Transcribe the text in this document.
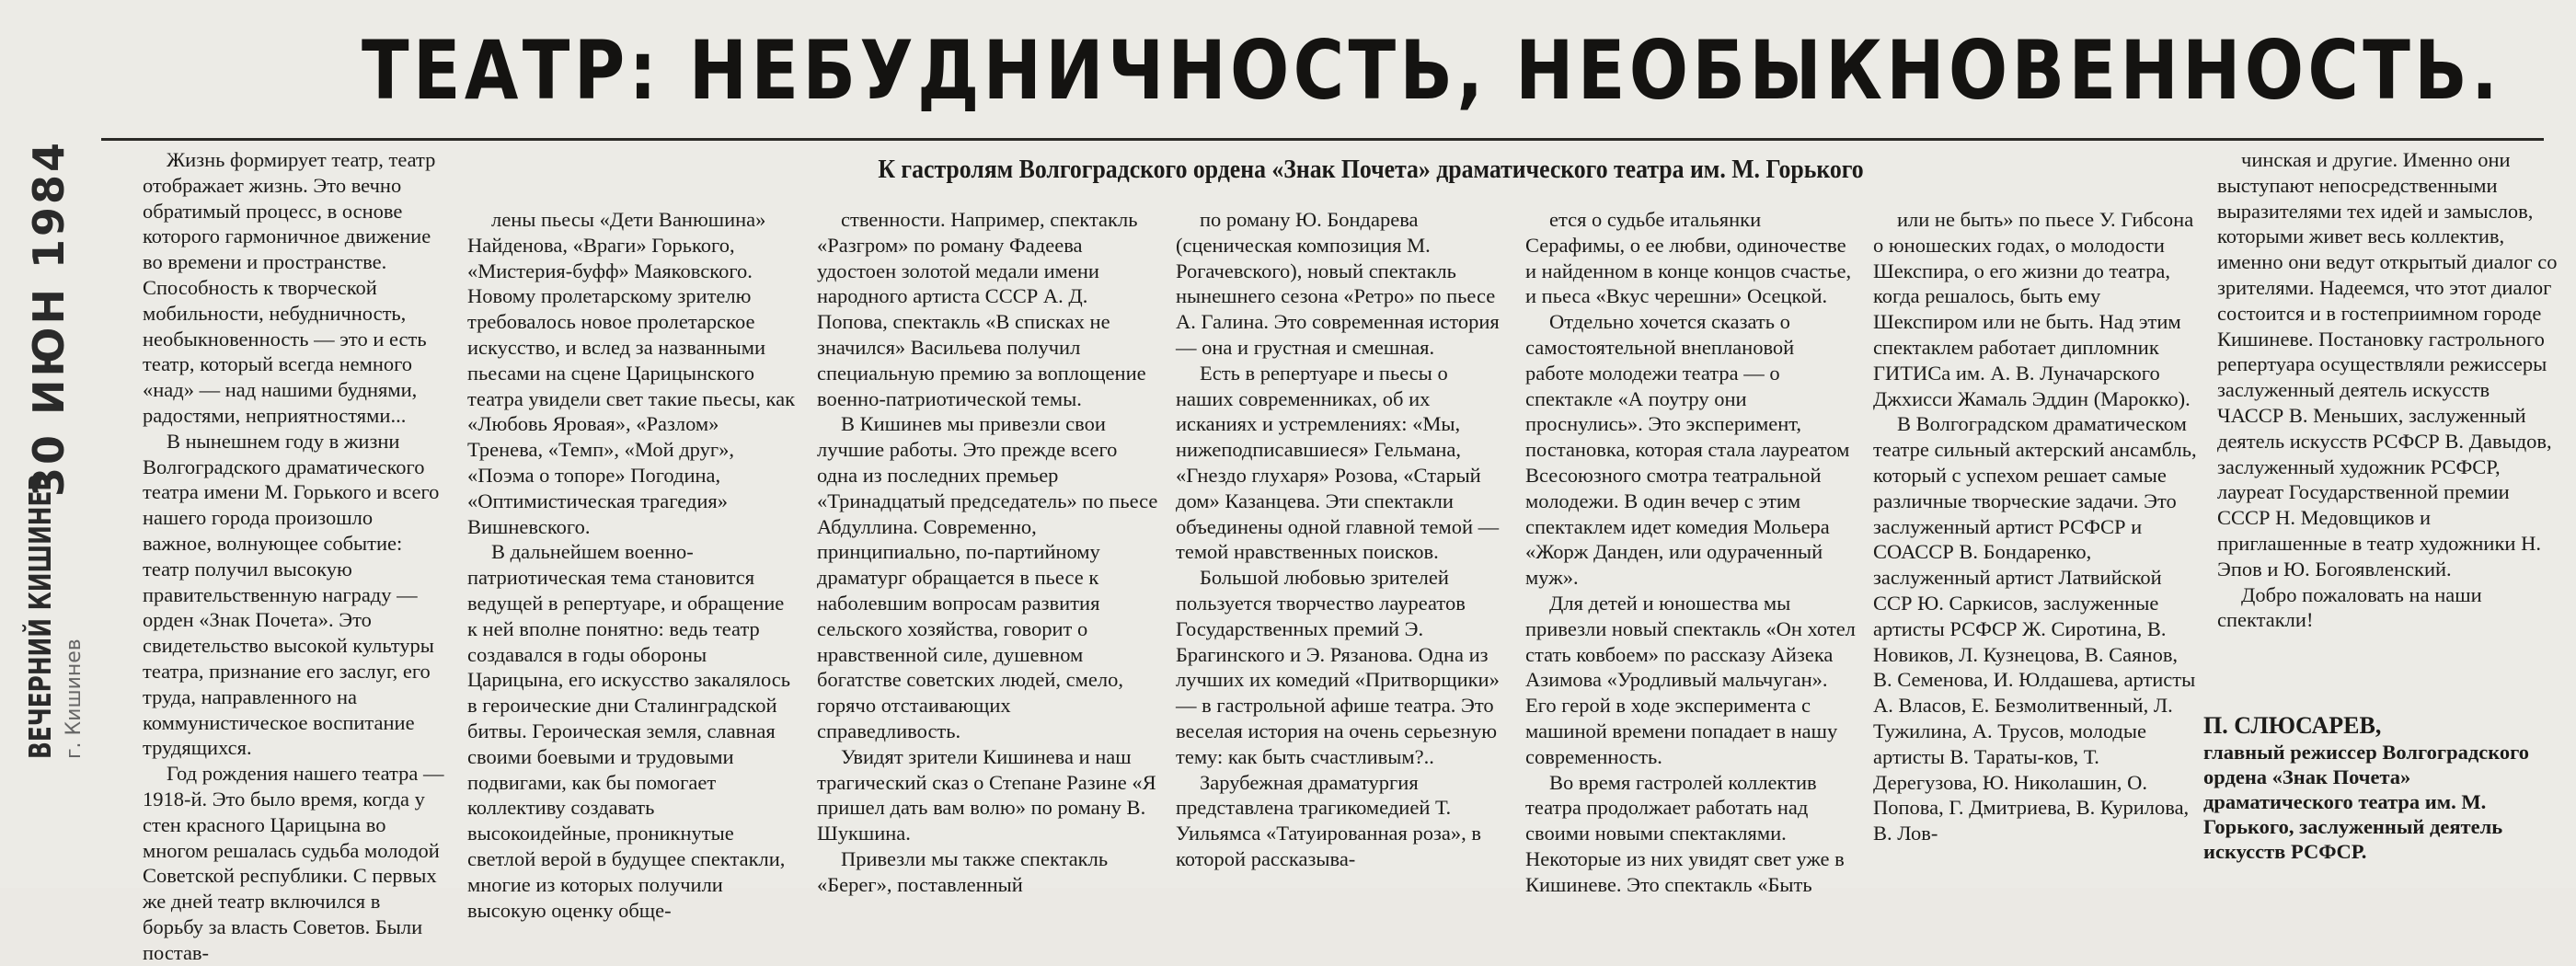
ТЕАТР: НЕБУДНИЧНОСТЬ, НЕОБЫКНОВЕННОСТЬ.
30 ИЮН 1984
ВЕЧЕРНИЙ КИШИНЕВ г. Кишинев
К гастролям Волгоградского ордена «Знак Почета» драматического театра им. М. Горького

Жизнь формирует театр, театр отображает жизнь. Это вечно обратимый процесс, в основе которого гармоничное движение во времени и пространстве. Способность к творческой мобильности, небудничность, необыкновенность — это и есть театр, который всегда немного «над» — над нашими буднями, радостями, неприятностями...

В нынешнем году в жизни Волгоградского драматического театра имени М. Горького и всего нашего города произошло важное, волнующее событие: театр получил высокую правительственную награду — орден «Знак Почета». Это свидетельство высокой культуры театра, признание его заслуг, его труда, направленного на коммунистическое воспитание трудящихся.

Год рождения нашего театра — 1918-й. Это было время, когда у стен красного Царицына во многом решалась судьба молодой Советской республики. С первых же дней театр включился в борьбу за власть Советов. Были постав-

лены пьесы «Дети Ванюшина» Найденова, «Враги» Горького, «Мистерия-буфф» Маяковского. Новому пролетарскому зрителю требовалось новое пролетарское искусство, и вслед за названными пьесами на сцене Царицынского театра увидели свет такие пьесы, как «Любовь Яровая», «Разлом» Тренева, «Темп», «Мой друг», «Поэма о топоре» Погодина, «Оптимистическая трагедия» Вишневского.

В дальнейшем военно-патриотическая тема становится ведущей в репертуаре, и обращение к ней вполне понятно: ведь театр создавался в годы обороны Царицына, его искусство закалялось в героические дни Сталинградской битвы. Героическая земля, славная своими боевыми и трудовыми подвигами, как бы помогает коллективу создавать высокоидейные, проникнутые светлой верой в будущее спектакли, многие из которых получили высокую оценку обще-

ственности. Например, спектакль «Разгром» по роману Фадеева удостоен золотой медали имени народного артиста СССР А. Д. Попова, спектакль «В списках не значился» Васильева получил специальную премию за воплощение военно-патриотической темы.

В Кишинев мы привезли свои лучшие работы. Это прежде всего одна из последних премьер «Тринадцатый председатель» по пьесе Абдуллина. Современно, принципиально, по-партийному драматург обращается в пьесе к наболевшим вопросам развития сельского хозяйства, говорит о нравственной силе, душевном богатстве советских людей, смело, горячо отстаивающих справедливость.

Увидят зрители Кишинева и наш трагический сказ о Степане Разине «Я пришел дать вам волю» по роману В. Шукшина.

Привезли мы также спектакль «Берег», поставленный

по роману Ю. Бондарева (сценическая композиция М. Рогачевского), новый спектакль нынешнего сезона «Ретро» по пьесе А. Галина. Это современная история — она и грустная и смешная.

Есть в репертуаре и пьесы о наших современниках, об их исканиях и устремлениях: «Мы, нижеподписавшиеся» Гельмана, «Гнездо глухаря» Розова, «Старый дом» Казанцева. Эти спектакли объединены одной главной темой — темой нравственных поисков.

Большой любовью зрителей пользуется творчество лауреатов Государственных премий Э. Брагинского и Э. Рязанова. Одна из лучших их комедий «Притворщики» — в гастрольной афише театра. Это веселая история на очень серьезную тему: как быть счастливым?..

Зарубежная драматургия представлена трагикомедией Т. Уильямса «Татуированная роза», в которой рассказыва-

ется о судьбе итальянки Серафимы, о ее любви, одиночестве и найденном в конце концов счастье, и пьеса «Вкус черешни» Осецкой.

Отдельно хочется сказать о самостоятельной внеплановой работе молодежи театра — о спектакле «А поутру они проснулись». Это эксперимент, постановка, которая стала лауреатом Всесоюзного смотра театральной молодежи. В один вечер с этим спектаклем идет комедия Мольера «Жорж Данден, или одураченный муж».

Для детей и юношества мы привезли новый спектакль «Он хотел стать ковбоем» по рассказу Айзека Азимова «Уродливый мальчуган». Его герой в ходе эксперимента с машиной времени попадает в нашу современность.

Во время гастролей коллектив театра продолжает работать над своими новыми спектаклями. Некоторые из них увидят свет уже в Кишиневе. Это спектакль «Быть

или не быть» по пьесе У. Гибсона о юношеских годах, о молодости Шекспира, о его жизни до театра, когда решалось, быть ему Шекспиром или не быть. Над этим спектаклем работает дипломник ГИТИСа им. А. В. Луначарского Джхисси Жамаль Эддин (Марокко).

В Волгоградском драматическом театре сильный актерский ансамбль, который с успехом решает самые различные творческие задачи. Это заслуженный артист РСФСР и СОАССР В. Бондаренко, заслуженный артист Латвийской ССР Ю. Саркисов, заслуженные артисты РСФСР Ж. Сиротина, В. Новиков, Л. Кузнецова, В. Саянов, В. Семенова, И. Юлдашева, артисты А. Власов, Е. Безмолитвенный, Л. Тужилина, А. Трусов, молодые артисты В. Тараты-ков, Т. Дерегузова, Ю. Николашин, О. Попова, Г. Дмитриева, В. Курилова, В. Лов-

чинская и другие. Именно они выступают непосредственными выразителями тех идей и замыслов, которыми живет весь коллектив, именно они ведут открытый диалог со зрителями. Надеемся, что этот диалог состоится и в гостеприимном городе Кишиневе. Постановку гастрольного репертуара осуществляли режиссеры заслуженный деятель искусств ЧАССР В. Меньших, заслуженный деятель искусств РСФСР В. Давыдов, заслуженный художник РСФСР, лауреат Государственной премии СССР Н. Медовщиков и приглашенные в театр художники Н. Эпов и Ю. Богоявленский.

Добро пожаловать на наши спектакли!

П. СЛЮСАРЕВ,
главный режиссер Волгоградского ордена «Знак Почета» драматического театра им. М. Горького, заслуженный деятель искусств РСФСР.
